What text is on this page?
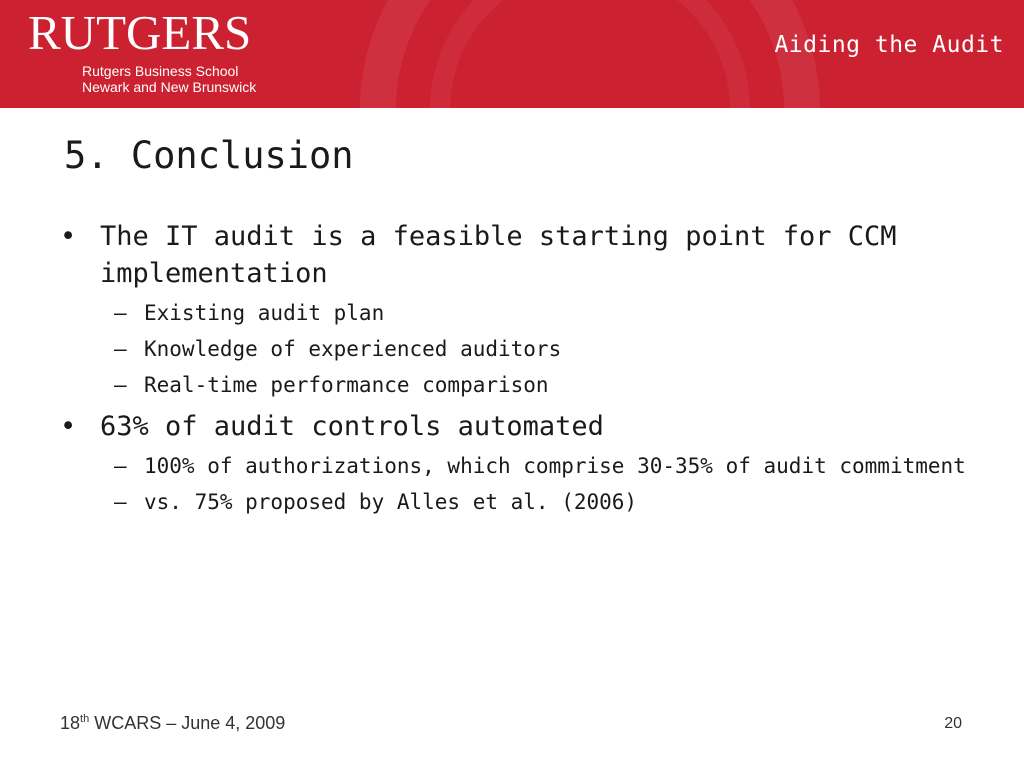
RUTGERS
Rutgers Business School
Newark and New Brunswick
Aiding the Audit
5. Conclusion
• The IT audit is a feasible starting point for CCM implementation
– Existing audit plan
– Knowledge of experienced auditors
– Real-time performance comparison
• 63% of audit controls automated
– 100% of authorizations, which comprise 30-35% of audit commitment
– vs. 75% proposed by Alles et al. (2006)
18th WCARS – June 4, 2009	20
